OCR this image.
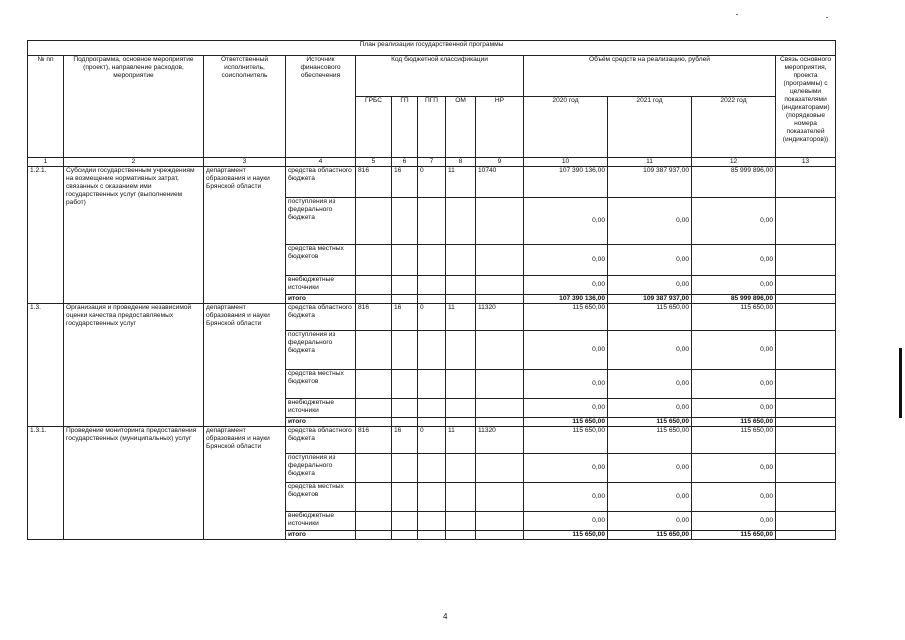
План реализации государственной программы												
№ пп	Подпрограмма, основное мероприятие (проект), направление расходов, мероприятие	Ответственный исполнитель, соисполнитель	Источник финансового обеспечения	Код бюджетной классификации					Объём средств на реализацию, рублей			Связь основного мероприятия, проекта (программы) с целевыми показателями (индикаторами) (порядковые номера показателей (индикаторов))
				ГРБС	ГП	ПГП	ОМ	НР	2020 год	2021 год	2022 год	
1	2	3	4	5	6	7	8	9	10	11	12	13
1.2.1.	Субсидии государственным учреждениям на возмещение нормативных затрат, связанных с оказанием ими государственных услуг (выполнением работ)	департамент образования и науки Брянской области	средства областного бюджета	816	16	0	11	10740	107 390 136,00	109 387 937,00	85 999 896,00	
			поступления из федерального бюджета						0,00	0,00	0,00	
			средства местных бюджетов						0,00	0,00	0,00	
			внебюджетные источники						0,00	0,00	0,00	
			итого						107 390 136,00	109 387 937,00	85 999 896,00	
1.3.	Организация и проведение независимой оценки качества предоставляемых государственных услуг	департамент образования и науки Брянской области	средства областного бюджета	816	16	0	11	11320	115 650,00	115 650,00	115 650,00	
			поступления из федерального бюджета						0,00	0,00	0,00	
			средства местных бюджетов						0,00	0,00	0,00	
			внебюджетные источники						0,00	0,00	0,00	
			итого						115 650,00	115 650,00	115 650,00	
1.3.1.	Проведение мониторинга предоставления государственных (муниципальных) услуг	департамент образования и науки Брянской области	средства областного бюджета	816	16	0	11	11320	115 650,00	115 650,00	115 650,00	
			поступления из федерального бюджета						0,00	0,00	0,00	
			средства местных бюджетов						0,00	0,00	0,00	
			внебюджетные источники						0,00	0,00	0,00	
			итого						115 650,00	115 650,00	115 650,00	
4
